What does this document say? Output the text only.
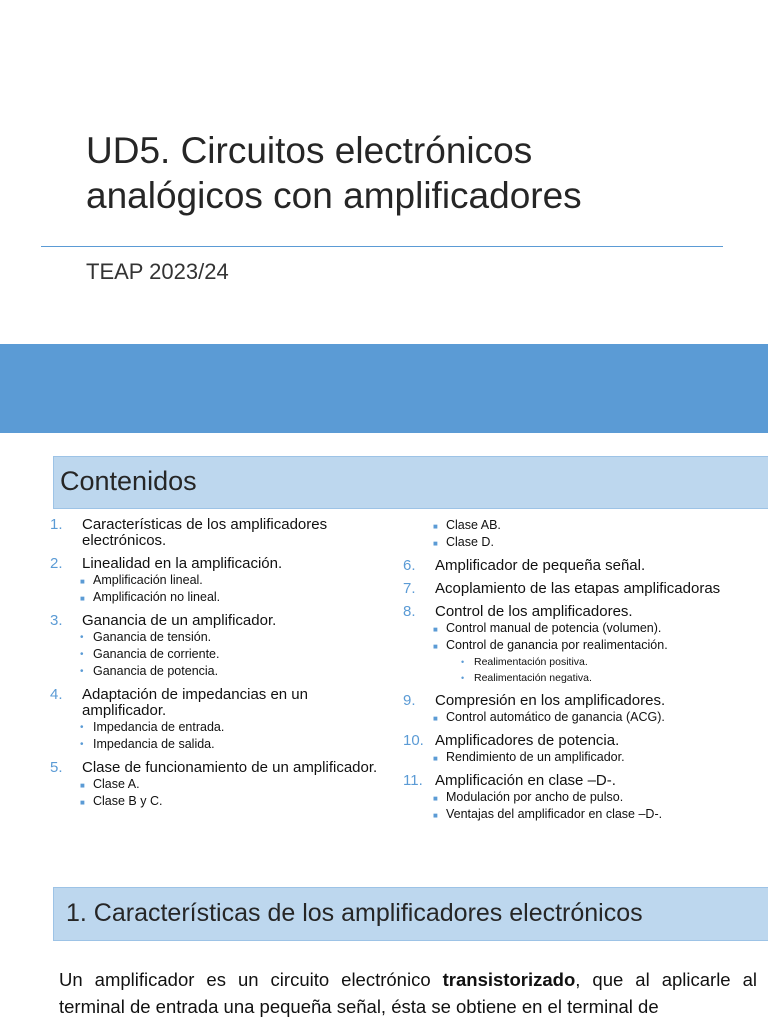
UD5. Circuitos electrónicos
analógicos con amplificadores
TEAP 2023/24
Contenidos
1. Características de los amplificadores electrónicos.
2. Linealidad en la amplificación.
■ Amplificación lineal.
■ Amplificación no lineal.
3. Ganancia de un amplificador.
• Ganancia de tensión.
• Ganancia de corriente.
• Ganancia de potencia.
4. Adaptación de impedancias en un amplificador.
• Impedancia de entrada.
• Impedancia de salida.
5. Clase de funcionamiento de un amplificador.
■ Clase A.
■ Clase B y C.
■ Clase AB.
■ Clase D.
6. Amplificador de pequeña señal.
7. Acoplamiento de las etapas amplificadoras
8. Control de los amplificadores.
■ Control manual de potencia (volumen).
■ Control de ganancia por realimentación.
• Realimentación positiva.
• Realimentación negativa.
9. Compresión en los amplificadores.
■ Control automático de ganancia (ACG).
10. Amplificadores de potencia.
■ Rendimiento de un amplificador.
11. Amplificación en clase –D-.
■ Modulación por ancho de pulso.
■ Ventajas del amplificador en clase –D-.
1. Características de los amplificadores electrónicos
Un amplificador es un circuito electrónico transistorizado, que al aplicarle al terminal de entrada una pequeña señal, ésta se obtiene en el terminal de
